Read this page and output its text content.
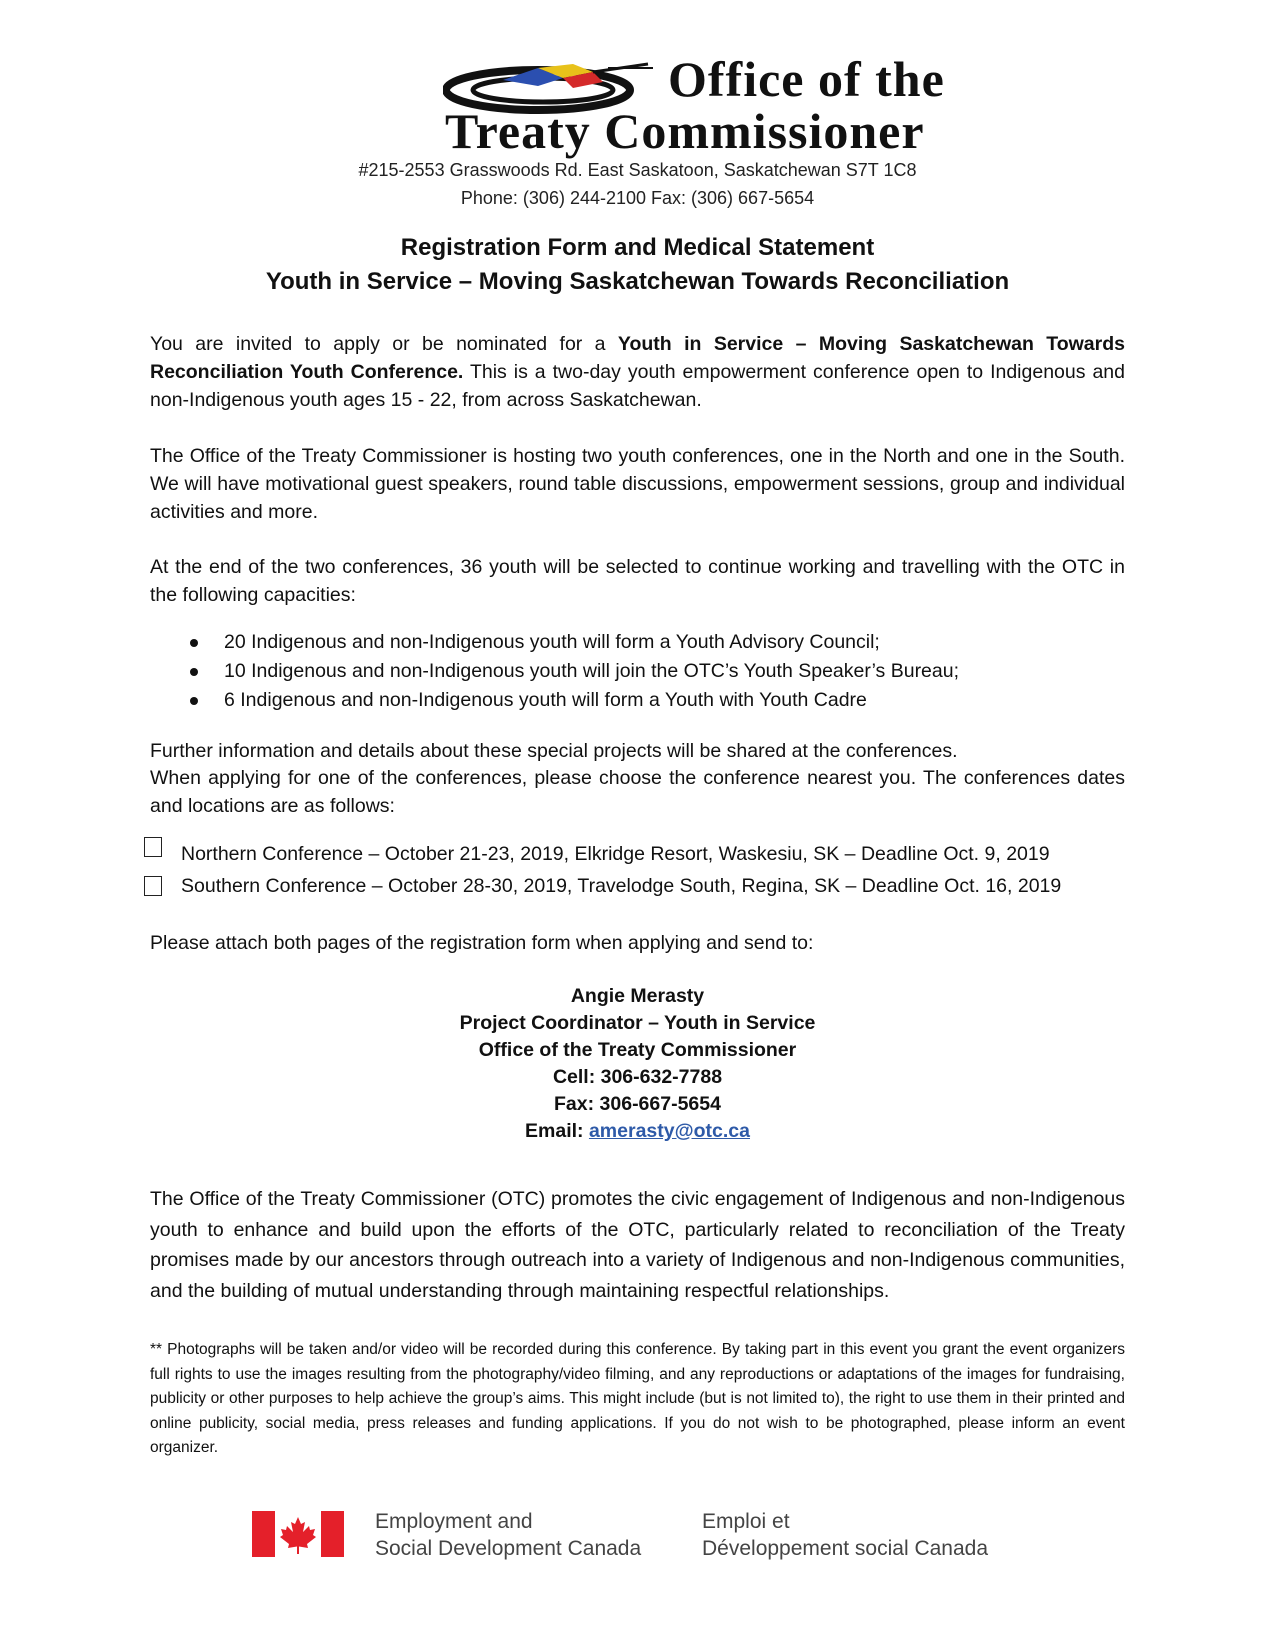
Office of the
Treaty Commissioner
#215-2553 Grasswoods Rd. East Saskatoon, Saskatchewan S7T 1C8
Phone: (306) 244-2100 Fax: (306) 667-5654
Registration Form and Medical Statement
Youth in Service – Moving Saskatchewan Towards Reconciliation
You are invited to apply or be nominated for a Youth in Service – Moving Saskatchewan Towards Reconciliation Youth Conference. This is a two-day youth empowerment conference open to Indigenous and non-Indigenous youth ages 15 - 22, from across Saskatchewan.
The Office of the Treaty Commissioner is hosting two youth conferences, one in the North and one in the South. We will have motivational guest speakers, round table discussions, empowerment sessions, group and individual activities and more.
At the end of the two conferences, 36 youth will be selected to continue working and travelling with the OTC in the following capacities:
20 Indigenous and non-Indigenous youth will form a Youth Advisory Council;
10 Indigenous and non-Indigenous youth will join the OTC’s Youth Speaker’s Bureau;
6 Indigenous and non-Indigenous youth will form a Youth with Youth Cadre
Further information and details about these special projects will be shared at the conferences.
When applying for one of the conferences, please choose the conference nearest you. The conferences dates and locations are as follows:
Northern Conference – October 21-23, 2019, Elkridge Resort, Waskesiu, SK – Deadline Oct. 9, 2019
Southern Conference – October 28-30, 2019, Travelodge South, Regina, SK – Deadline Oct. 16, 2019
Please attach both pages of the registration form when applying and send to:
Angie Merasty
Project Coordinator – Youth in Service
Office of the Treaty Commissioner
Cell: 306-632-7788
Fax: 306-667-5654
Email: amerasty@otc.ca
The Office of the Treaty Commissioner (OTC) promotes the civic engagement of Indigenous and non-Indigenous youth to enhance and build upon the efforts of the OTC, particularly related to reconciliation of the Treaty promises made by our ancestors through outreach into a variety of Indigenous and non-Indigenous communities, and the building of mutual understanding through maintaining respectful relationships.
** Photographs will be taken and/or video will be recorded during this conference. By taking part in this event you grant the event organizers full rights to use the images resulting from the photography/video filming, and any reproductions or adaptations of the images for fundraising, publicity or other purposes to help achieve the group’s aims. This might include (but is not limited to), the right to use them in their printed and online publicity, social media, press releases and funding applications. If you do not wish to be photographed, please inform an event organizer.
Employment and
Social Development Canada
Emploi et
Développement social Canada
